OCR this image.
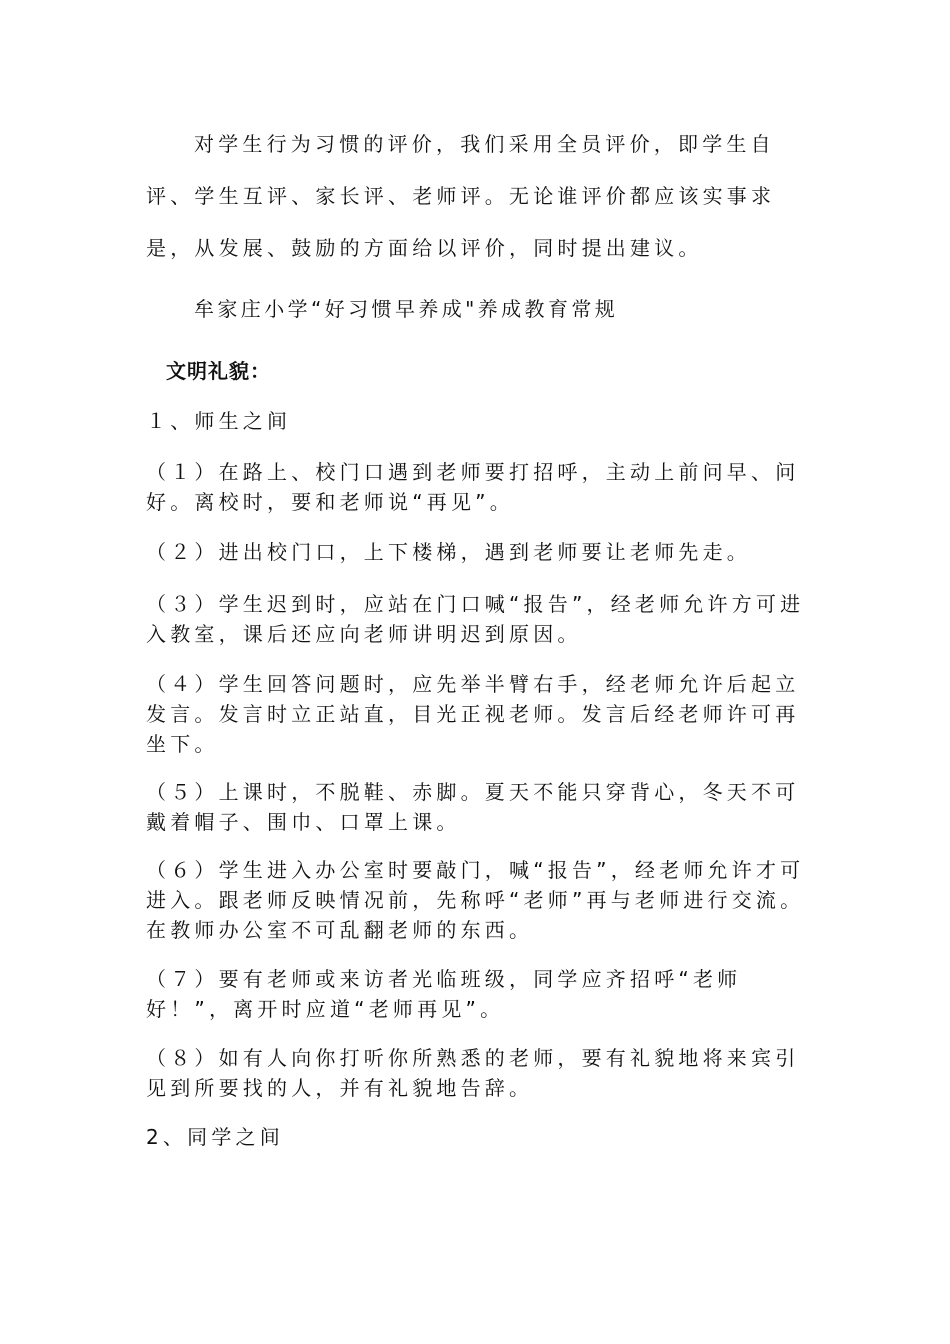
对学生行为习惯的评价，我们采用全员评价，即学生自评、学生互评、家长评、老师评。无论谁评价都应该实事求是，从发展、鼓励的方面给以评价，同时提出建议。

牟家庄小学“好习惯早养成"养成教育常规

文明礼貌：

１、师生之间

（１）在路上、校门口遇到老师要打招呼，主动上前问早、问好。离校时，要和老师说“再见”。

（２）进出校门口，上下楼梯，遇到老师要让老师先走。

（３）学生迟到时，应站在门口喊“报告”，经老师允许方可进入教室，课后还应向老师讲明迟到原因。

（４）学生回答问题时，应先举半臂右手，经老师允许后起立发言。发言时立正站直，目光正视老师。发言后经老师许可再坐下。

（５）上课时，不脱鞋、赤脚。夏天不能只穿背心，冬天不可戴着帽子、围巾、口罩上课。

（６）学生进入办公室时要敲门，喊“报告”，经老师允许才可进入。跟老师反映情况前，先称呼“老师”再与老师进行交流。在教师办公室不可乱翻老师的东西。

（７）要有老师或来访者光临班级，同学应齐招呼“老师好！”，离开时应道“老师再见”。

（８）如有人向你打听你所熟悉的老师，要有礼貌地将来宾引见到所要找的人，并有礼貌地告辞。

2、同学之间
